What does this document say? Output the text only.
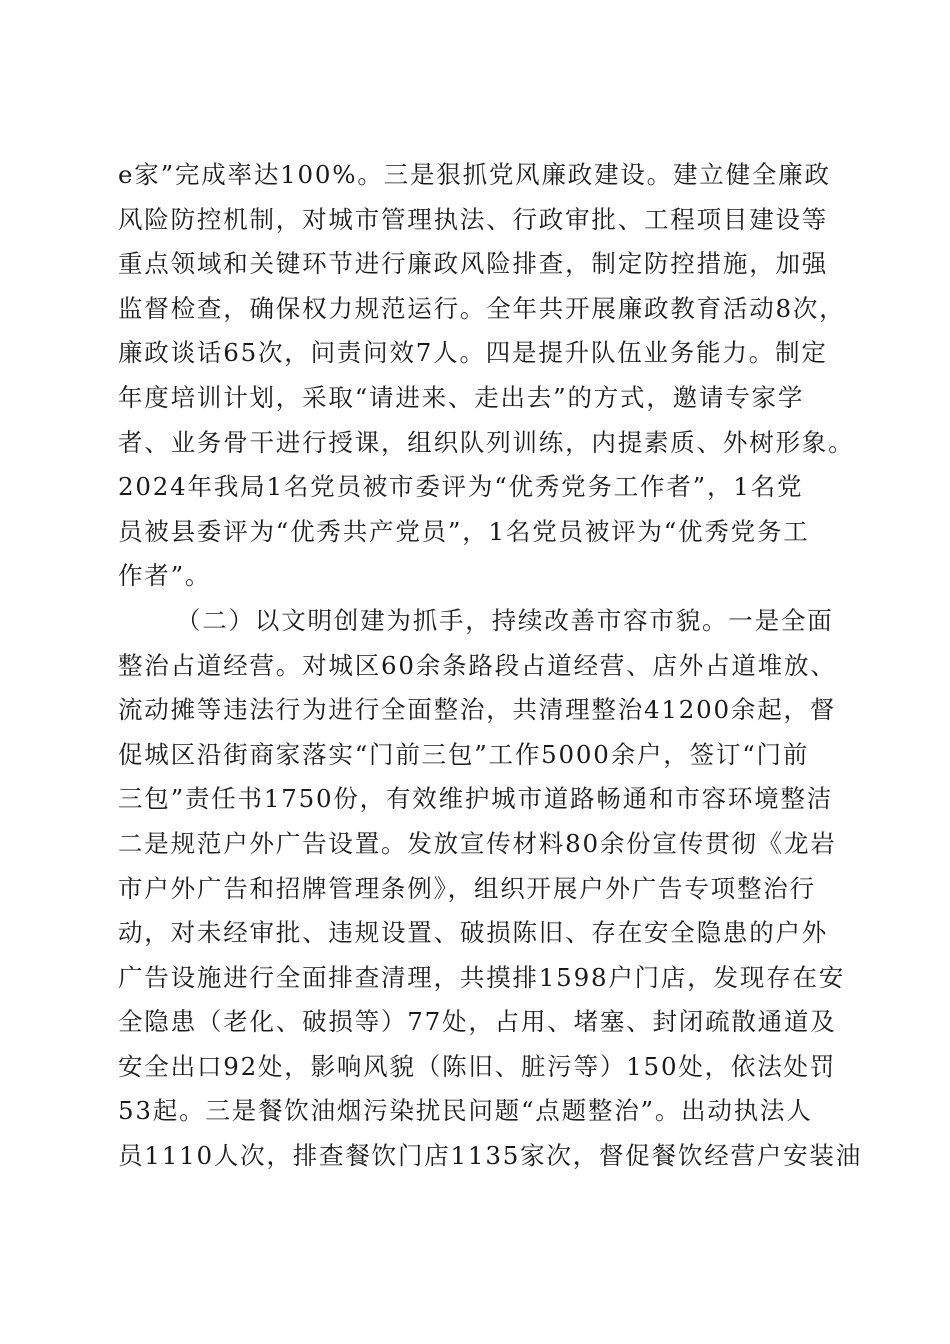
e家”完成率达100%。三是狠抓党风廉政建设。建立健全廉政
风险防控机制，对城市管理执法、行政审批、工程项目建设等
重点领域和关键环节进行廉政风险排查，制定防控措施，加强
监督检查，确保权力规范运行。全年共开展廉政教育活动8次，
廉政谈话65次，问责问效7人。四是提升队伍业务能力。制定
年度培训计划，采取“请进来、走出去”的方式，邀请专家学
者、业务骨干进行授课，组织队列训练，内提素质、外树形象。
2024年我局1名党员被市委评为“优秀党务工作者”，1名党
员被县委评为“优秀共产党员”，1名党员被评为“优秀党务工
作者”。
（二）以文明创建为抓手，持续改善市容市貌。一是全面
整治占道经营。对城区60余条路段占道经营、店外占道堆放、
流动摊等违法行为进行全面整治，共清理整治41200余起，督
促城区沿街商家落实“门前三包”工作5000余户，签订“门前
三包”责任书1750份，有效维护城市道路畅通和市容环境整洁
二是规范户外广告设置。发放宣传材料80余份宣传贯彻《龙岩
市户外广告和招牌管理条例》，组织开展户外广告专项整治行
动，对未经审批、违规设置、破损陈旧、存在安全隐患的户外
广告设施进行全面排查清理，共摸排1598户门店，发现存在安
全隐患（老化、破损等）77处，占用、堵塞、封闭疏散通道及
安全出口92处，影响风貌（陈旧、脏污等）150处，依法处罚
53起。三是餐饮油烟污染扰民问题“点题整治”。出动执法人
员1110人次，排查餐饮门店1135家次，督促餐饮经营户安装油
